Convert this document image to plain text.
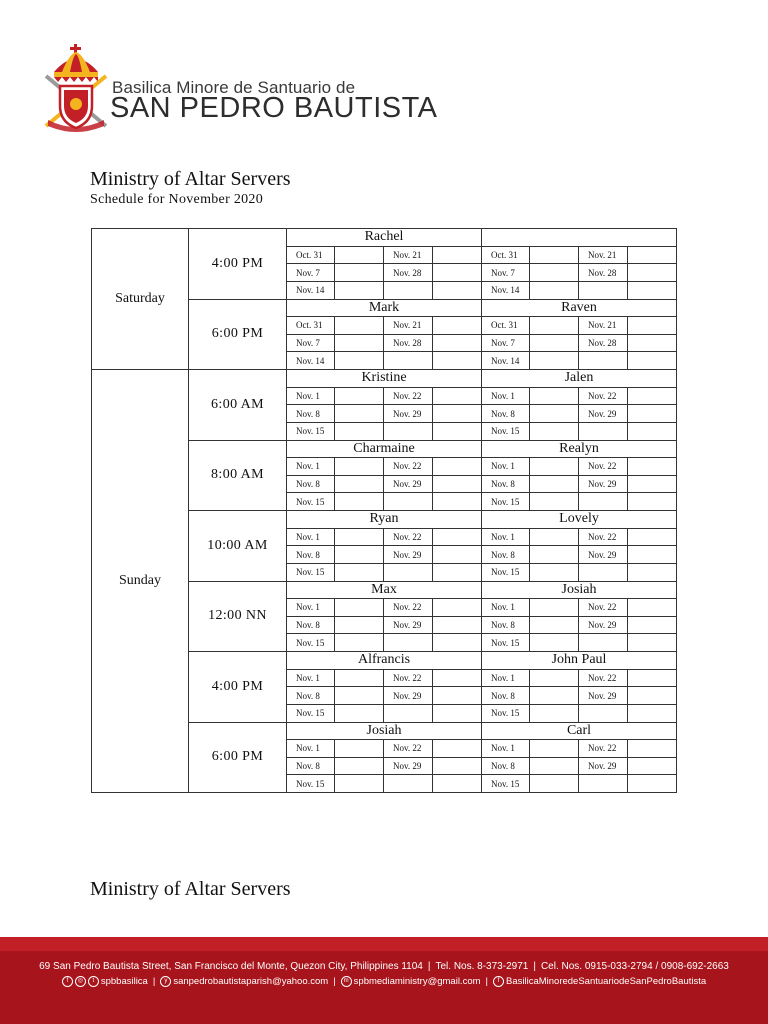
Basilica Minore de Santuario de
SAN PEDRO BAUTISTA
Ministry of Altar Servers
Schedule for November 2020
Saturday	4:00 PM	Rachel							
		Oct. 31		Nov. 21		Oct. 31		Nov. 21	
		Nov. 7		Nov. 28		Nov. 7		Nov. 28	
		Nov. 14				Nov. 14			
	6:00 PM	Mark				Raven			
		Oct. 31		Nov. 21		Oct. 31		Nov. 21	
		Nov. 7		Nov. 28		Nov. 7		Nov. 28	
		Nov. 14				Nov. 14			
Sunday	6:00 AM	Kristine				Jalen			
		Nov. 1		Nov. 22		Nov. 1		Nov. 22	
		Nov. 8		Nov. 29		Nov. 8		Nov. 29	
		Nov. 15				Nov. 15			
	8:00 AM	Charmaine				Realyn			
		Nov. 1		Nov. 22		Nov. 1		Nov. 22	
		Nov. 8		Nov. 29		Nov. 8		Nov. 29	
		Nov. 15				Nov. 15			
	10:00 AM	Ryan				Lovely			
		Nov. 1		Nov. 22		Nov. 1		Nov. 22	
		Nov. 8		Nov. 29		Nov. 8		Nov. 29	
		Nov. 15				Nov. 15			
	12:00 NN	Max				Josiah			
		Nov. 1		Nov. 22		Nov. 1		Nov. 22	
		Nov. 8		Nov. 29		Nov. 8		Nov. 29	
		Nov. 15				Nov. 15			
	4:00 PM	Alfrancis				John Paul			
		Nov. 1		Nov. 22		Nov. 1		Nov. 22	
		Nov. 8		Nov. 29		Nov. 8		Nov. 29	
		Nov. 15				Nov. 15			
	6:00 PM	Josiah				Carl			
		Nov. 1		Nov. 22		Nov. 1		Nov. 22	
		Nov. 8		Nov. 29		Nov. 8		Nov. 29	
		Nov. 15				Nov. 15			
Ministry of Altar Servers
69 San Pedro Bautista Street, San Francisco del Monte, Quezon City, Philippines 1104 | Tel. Nos. 8-373-2971 | Cel. Nos. 0915-033-2794 / 0908-692-2663
f ◎ t spbbasilica | y sanpedrobautistaparish@yahoo.com | m spbmediaministry@gmail.com | f BasilicaMinoredeSantuariodeSanPedroBautista
